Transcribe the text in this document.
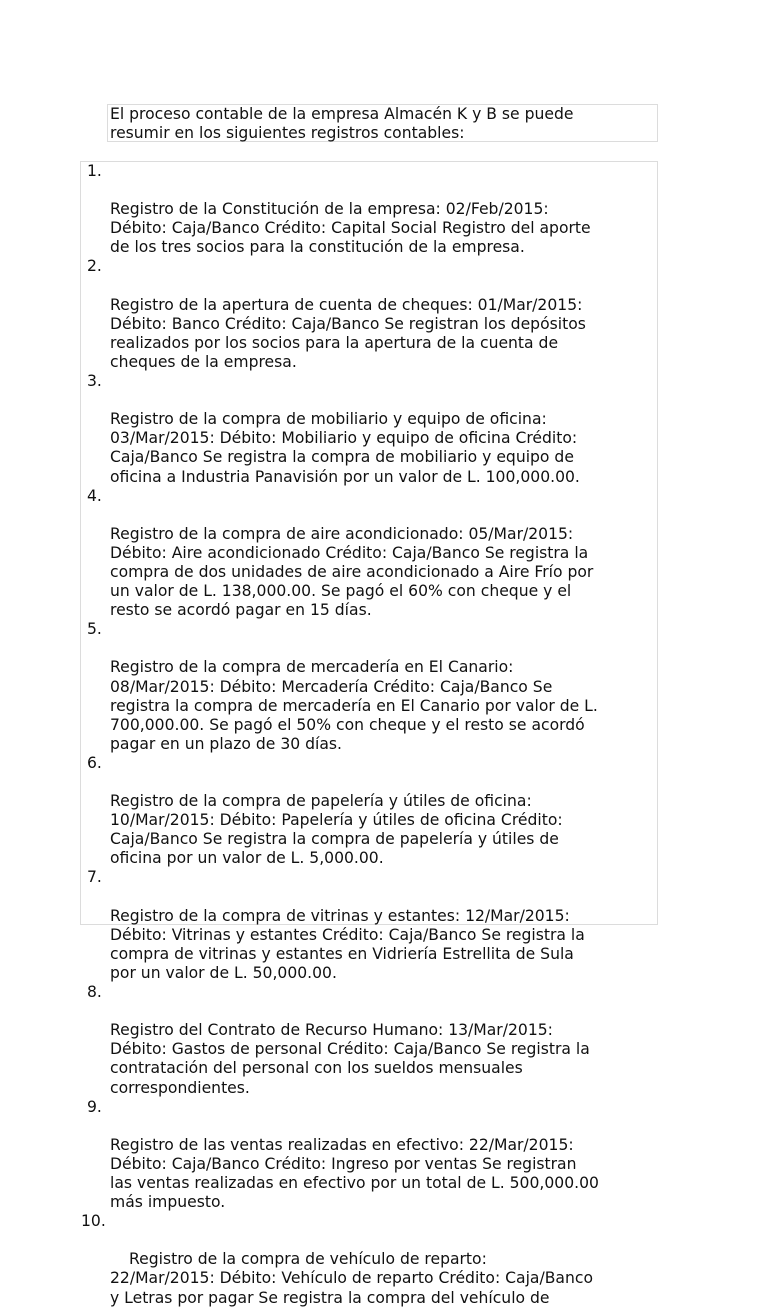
El proceso contable de la empresa Almacén K y B se puede
resumir en los siguientes registros contables:

1.

Registro de la Constitución de la empresa: 02/Feb/2015:
Débito: Caja/Banco Crédito: Capital Social Registro del aporte
de los tres socios para la constitución de la empresa.

2.

Registro de la apertura de cuenta de cheques: 01/Mar/2015:
Débito: Banco Crédito: Caja/Banco Se registran los depósitos
realizados por los socios para la apertura de la cuenta de
cheques de la empresa.

3.

Registro de la compra de mobiliario y equipo de oficina:
03/Mar/2015: Débito: Mobiliario y equipo de oficina Crédito:
Caja/Banco Se registra la compra de mobiliario y equipo de
oficina a Industria Panavisión por un valor de L. 100,000.00.

4.

Registro de la compra de aire acondicionado: 05/Mar/2015:
Débito: Aire acondicionado Crédito: Caja/Banco Se registra la
compra de dos unidades de aire acondicionado a Aire Frío por
un valor de L. 138,000.00. Se pagó el 60% con cheque y el
resto se acordó pagar en 15 días.

5.

Registro de la compra de mercadería en El Canario:
08/Mar/2015: Débito: Mercadería Crédito: Caja/Banco Se
registra la compra de mercadería en El Canario por valor de L.
700,000.00. Se pagó el 50% con cheque y el resto se acordó
pagar en un plazo de 30 días.

6.

Registro de la compra de papelería y útiles de oficina:
10/Mar/2015: Débito: Papelería y útiles de oficina Crédito:
Caja/Banco Se registra la compra de papelería y útiles de
oficina por un valor de L. 5,000.00.

7.

Registro de la compra de vitrinas y estantes: 12/Mar/2015:
Débito: Vitrinas y estantes Crédito: Caja/Banco Se registra la
compra de vitrinas y estantes en Vidriería Estrellita de Sula
por un valor de L. 50,000.00.

8.

Registro del Contrato de Recurso Humano: 13/Mar/2015:
Débito: Gastos de personal Crédito: Caja/Banco Se registra la
contratación del personal con los sueldos mensuales
correspondientes.

9.

Registro de las ventas realizadas en efectivo: 22/Mar/2015:
Débito: Caja/Banco Crédito: Ingreso por ventas Se registran
las ventas realizadas en efectivo por un total de L. 500,000.00
más impuesto.

10.

Registro de la compra de vehículo de reparto:
22/Mar/2015: Débito: Vehículo de reparto Crédito: Caja/Banco
y Letras por pagar Se registra la compra del vehículo de
